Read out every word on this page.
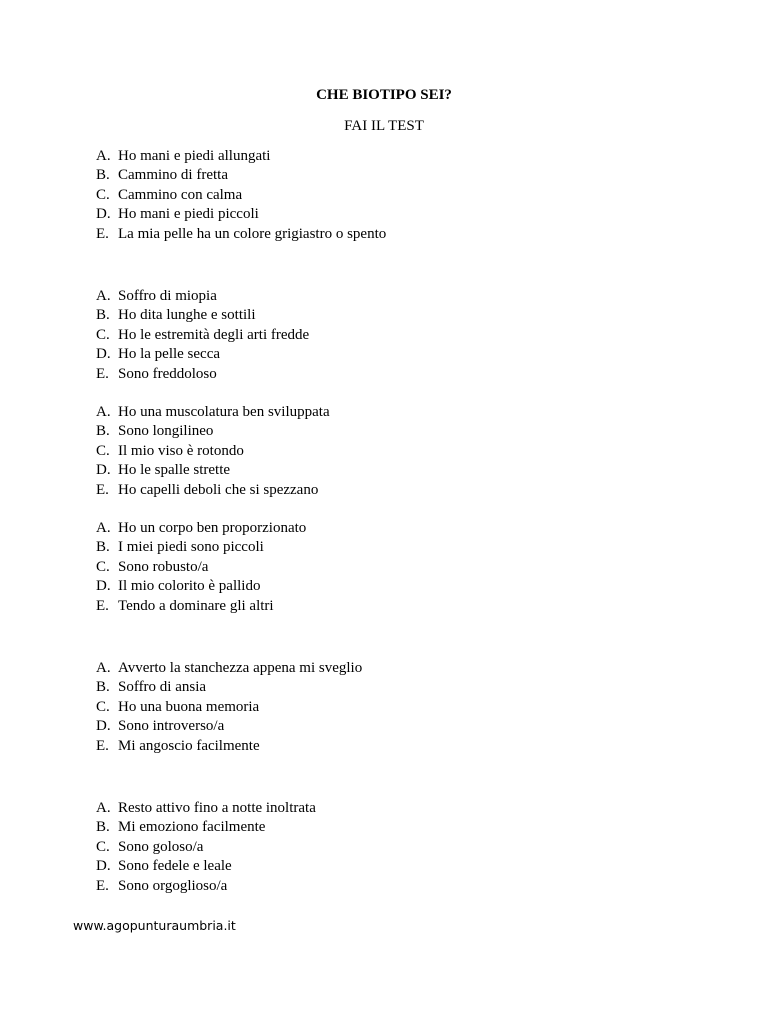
CHE BIOTIPO SEI?
FAI IL TEST
A. Ho mani e piedi allungati
B. Cammino di fretta
C. Cammino con calma
D. Ho mani e piedi piccoli
E. La mia pelle ha un colore grigiastro o spento
A. Soffro di miopia
B. Ho dita lunghe e sottili
C. Ho le estremità degli arti fredde
D. Ho la pelle secca
E. Sono freddoloso
A. Ho una muscolatura ben sviluppata
B. Sono longilineo
C. Il mio viso è rotondo
D. Ho le spalle strette
E. Ho capelli deboli che si spezzano
A. Ho un corpo ben proporzionato
B. I miei piedi sono piccoli
C. Sono robusto/a
D. Il mio colorito è pallido
E. Tendo a dominare gli altri
A. Avverto la stanchezza appena mi sveglio
B. Soffro di ansia
C. Ho una buona memoria
D. Sono introverso/a
E. Mi angoscio facilmente
A. Resto attivo fino a notte inoltrata
B. Mi emoziono facilmente
C. Sono goloso/a
D. Sono fedele e leale
E. Sono orgoglioso/a
www.agopunturaumbria.it
